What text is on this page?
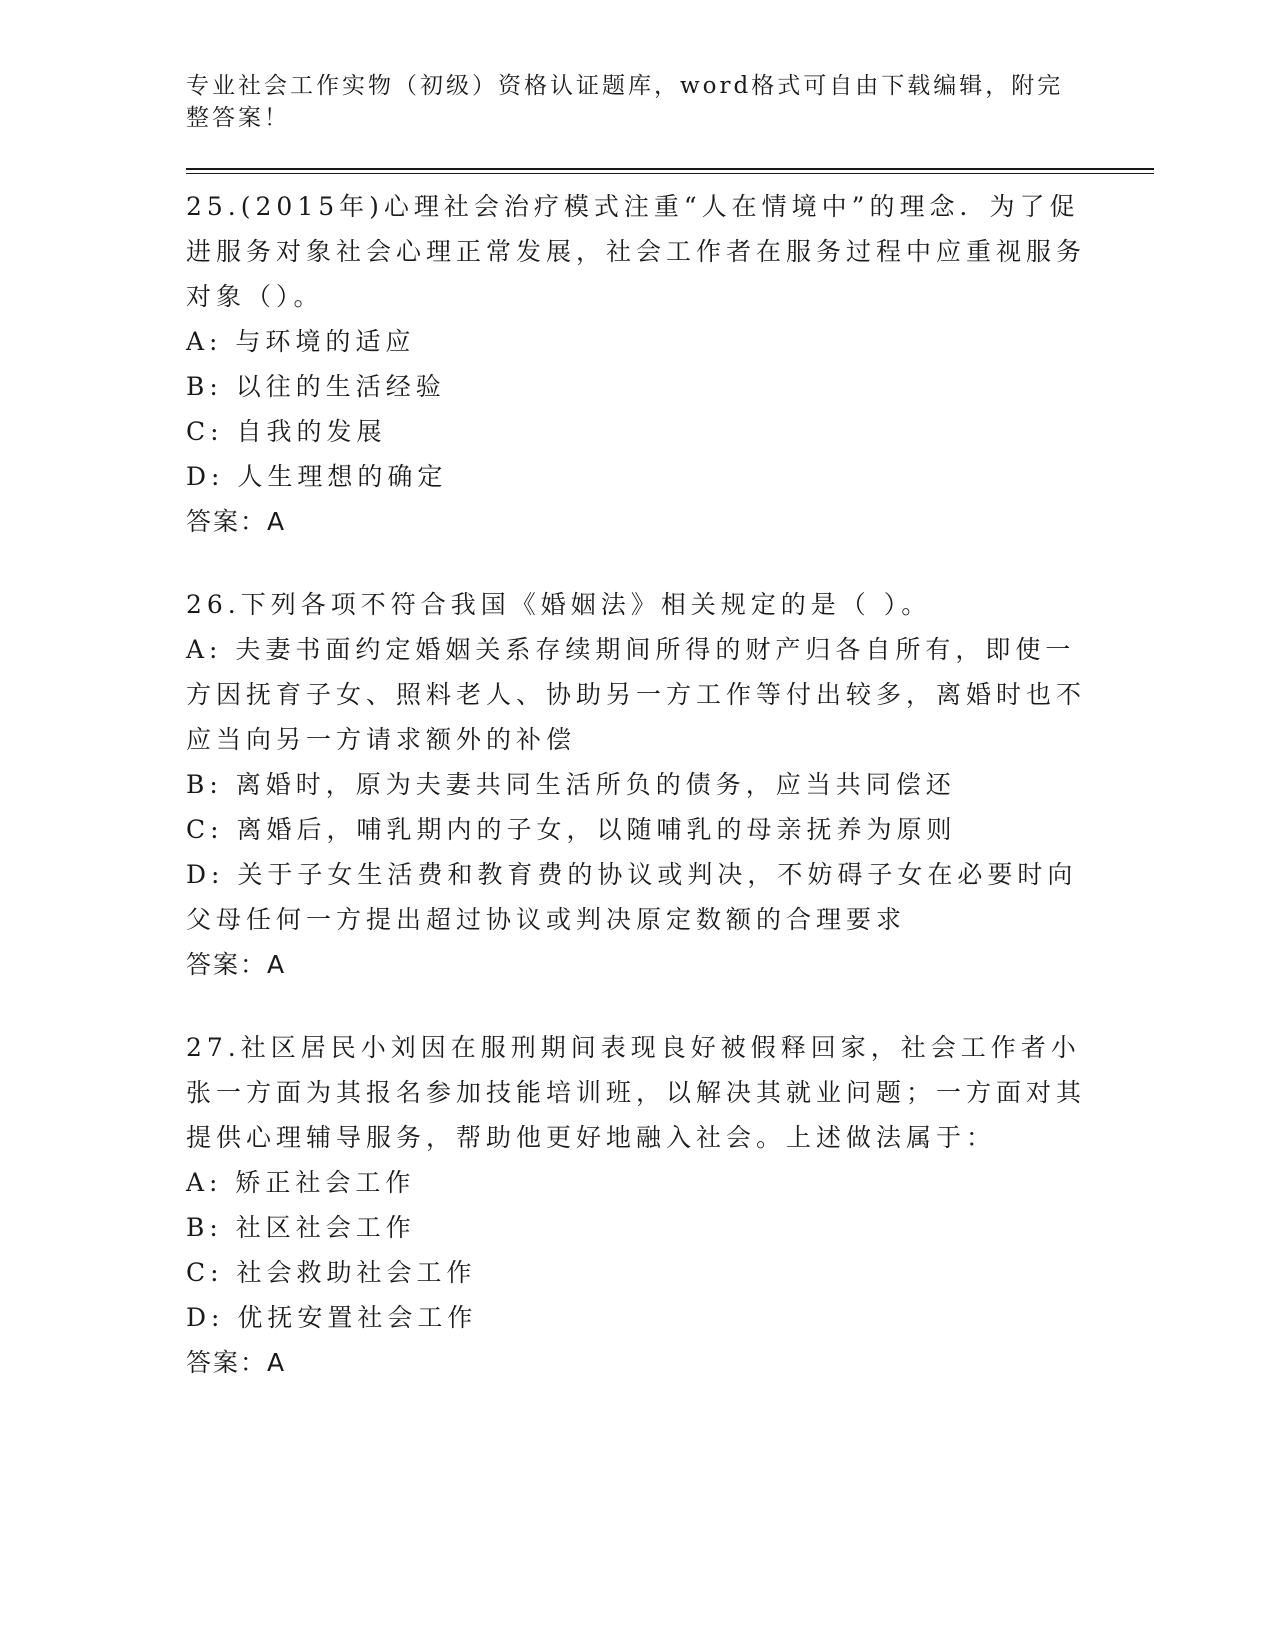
专业社会工作实物（初级）资格认证题库，word格式可自由下载编辑，附完整答案！

25.(2015年)心理社会治疗模式注重“人在情境中”的理念．为了促进服务对象社会心理正常发展，社会工作者在服务过程中应重视服务对象（）。

A: 与环境的适应

B: 以往的生活经验

C: 自我的发展

D: 人生理想的确定

答案：A

26.下列各项不符合我国《婚姻法》相关规定的是（ ）。

A: 夫妻书面约定婚姻关系存续期间所得的财产归各自所有，即使一方因抚育子女、照料老人、协助另一方工作等付出较多，离婚时也不应当向另一方请求额外的补偿

B: 离婚时，原为夫妻共同生活所负的债务，应当共同偿还

C: 离婚后，哺乳期内的子女，以随哺乳的母亲抚养为原则

D: 关于子女生活费和教育费的协议或判决，不妨碍子女在必要时向父母任何一方提出超过协议或判决原定数额的合理要求

答案：A

27.社区居民小刘因在服刑期间表现良好被假释回家，社会工作者小张一方面为其报名参加技能培训班，以解决其就业问题；一方面对其提供心理辅导服务，帮助他更好地融入社会。上述做法属于：

A: 矫正社会工作

B: 社区社会工作

C: 社会救助社会工作

D: 优抚安置社会工作

答案：A
